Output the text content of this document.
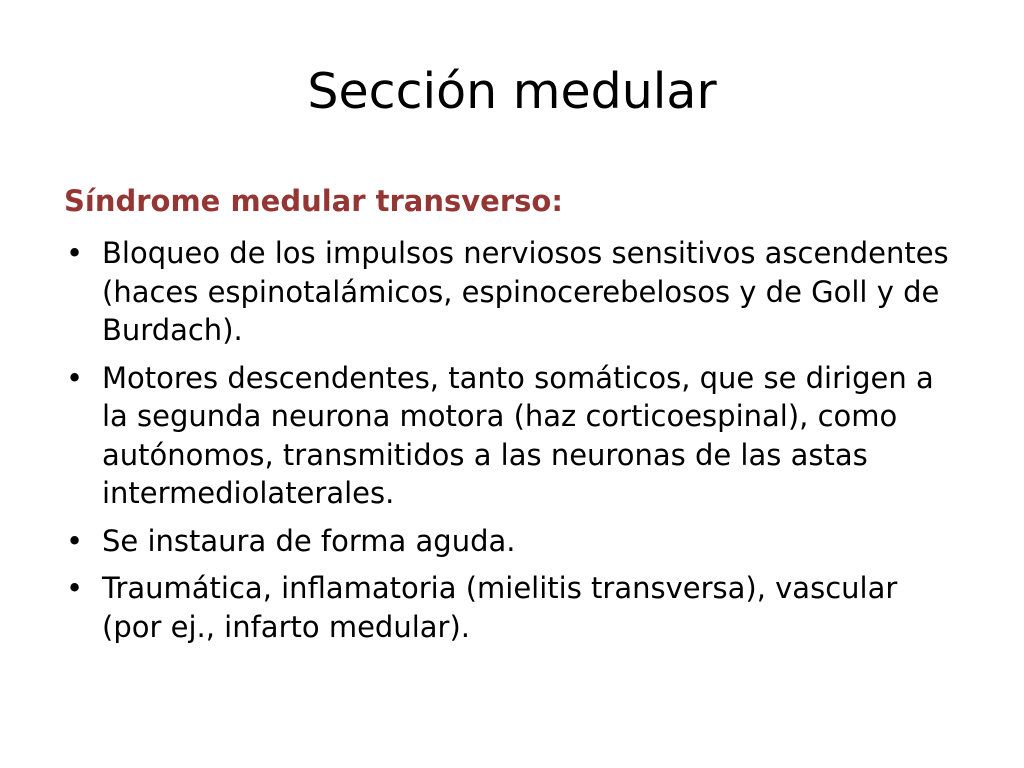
Sección medular

Síndrome medular transverso:

• Bloqueo de los impulsos nerviosos sensitivos ascendentes (haces espinotalámicos, espinocerebelosos y de Goll y de Burdach).
• Motores descendentes, tanto somáticos, que se dirigen a la segunda neurona motora (haz corticoespinal), como autónomos, transmitidos a las neuronas de las astas intermediolaterales.
• Se instaura de forma aguda.
• Traumática, inflamatoria (mielitis transversa), vascular (por ej., infarto medular).
